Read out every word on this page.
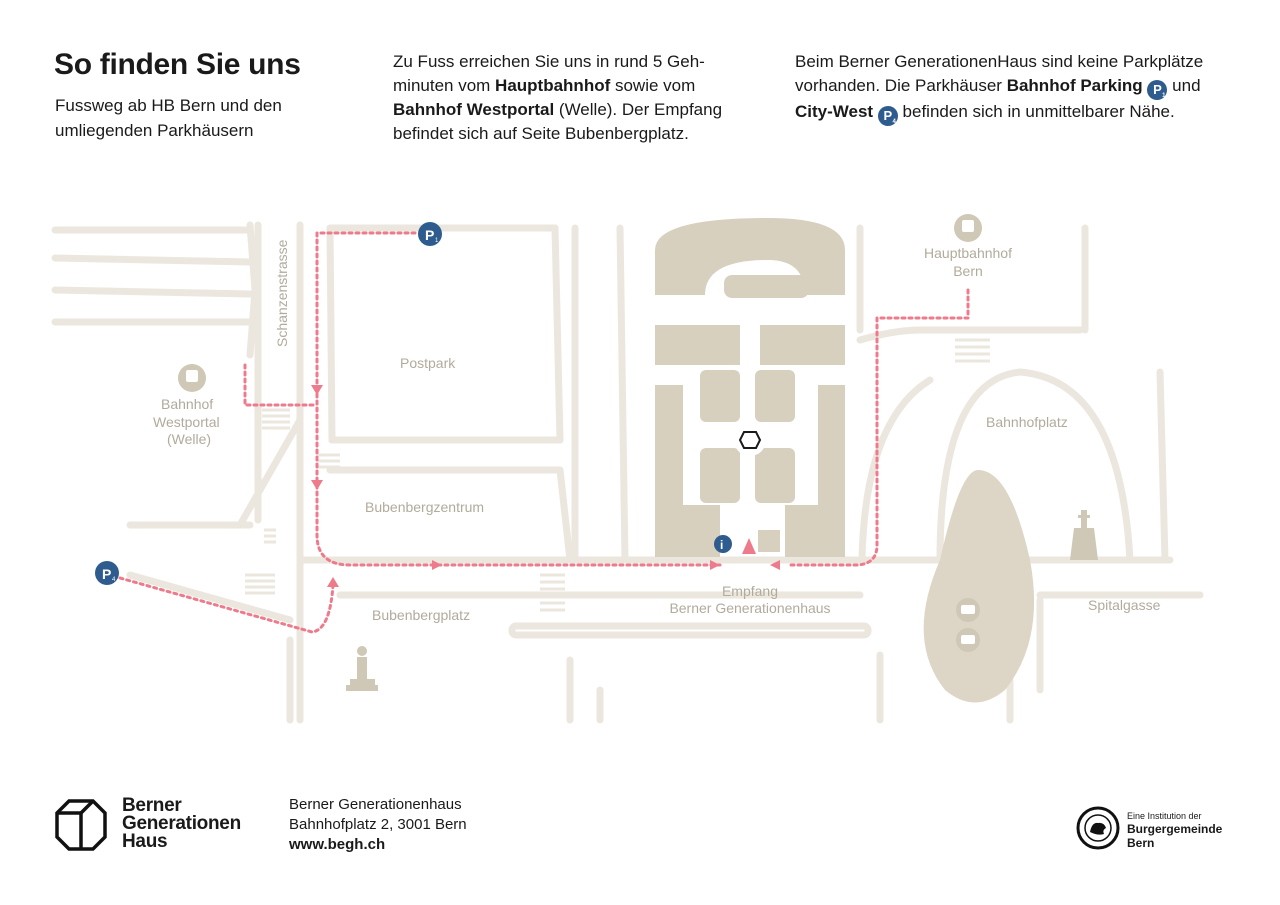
So finden Sie uns

Fussweg ab HB Bern und den umliegenden Parkhäusern

Zu Fuss erreichen Sie uns in rund 5 Geh-minuten vom Hauptbahnhof sowie vom Bahnhof Westportal (Welle). Der Empfang befindet sich auf Seite Bubenbergplatz.

Beim Berner GenerationenHaus sind keine Parkplätze vorhanden. Die Parkhäuser Bahnhof Parking P 1
und City-West P 4
befinden sich in unmittelbarer Nähe.

P 1
P 4
i
Schanzenstrasse
Postpark
Bahnhof
Westportal
(Welle)
Bubenbergzentrum
Bubenbergplatz
Empfang
Berner Generationenhaus
Hauptbahnhof
Bern
Bahnhofplatz
Spitalgasse
Berner
Generationen
Haus

Berner Generationenhaus

Bahnhofplatz 2, 3001 Bern

www.begh.ch

Eine Institution der
Burgergemeinde
Bern
